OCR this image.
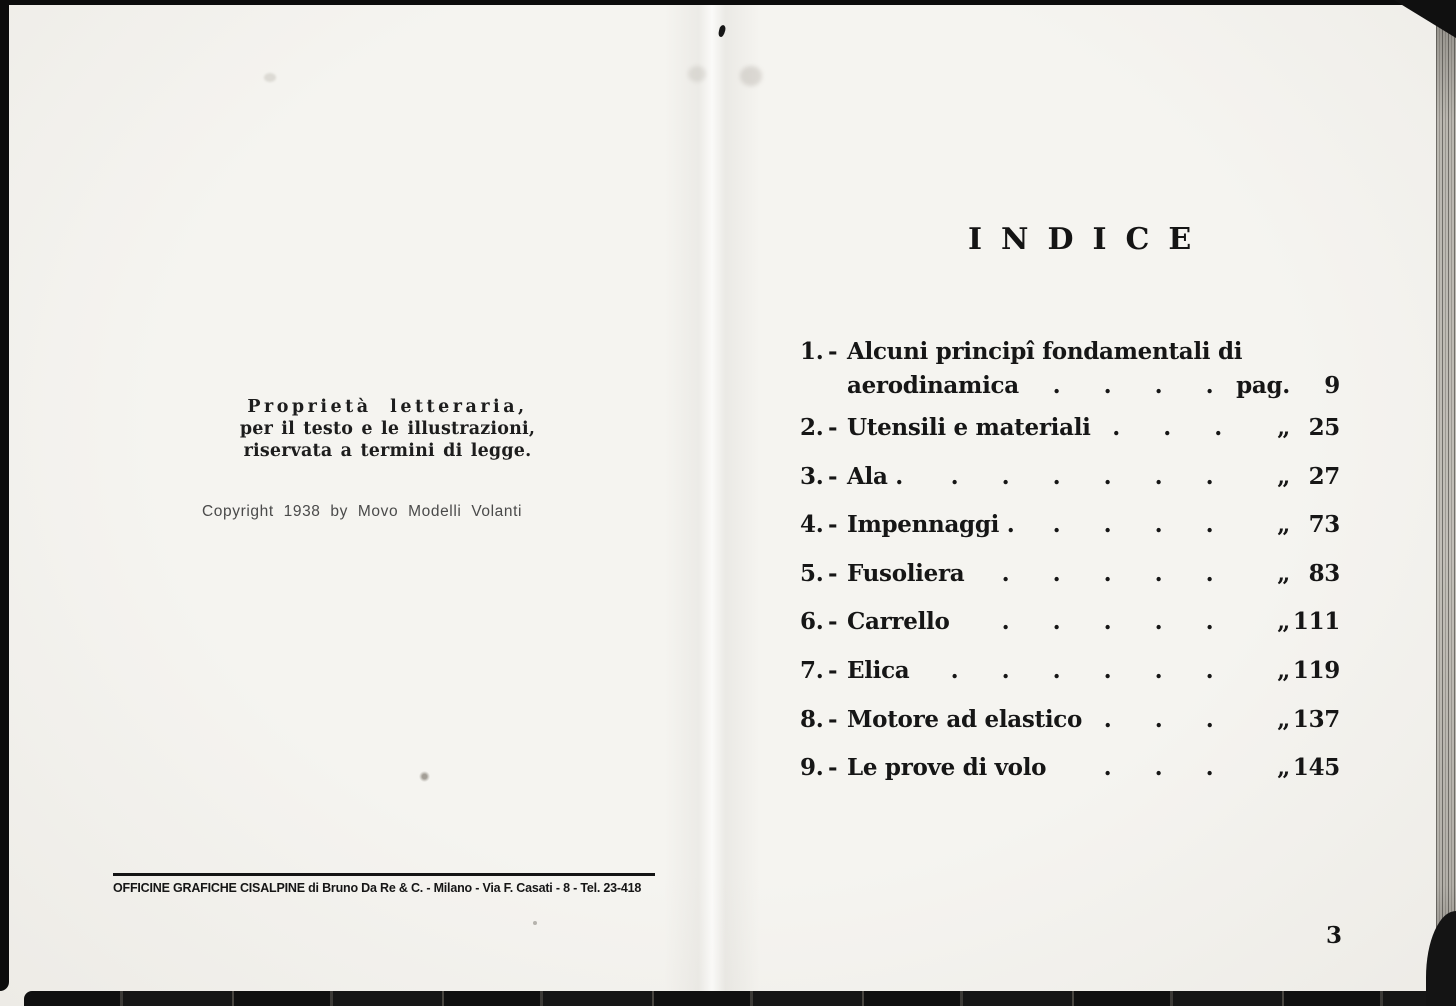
Proprietà letteraria,
per il testo e le illustrazioni,
riservata a termini di legge.
Copyright 1938 by Movo Modelli Volanti
OFFICINE GRAFICHE CISALPINE di Bruno Da Re & C. - Milano - Via F. Casati - 8 - Tel. 23-418
INDICE
1. - Alcuni principî fondamentali di
aerodinamica	. . . . pag.	9
2. - Utensili e materiali . . .	„ 25
3. - Ala .	. . . . . .	„ 27
4. - Impennaggi .	. . . .	„ 73
5. - Fusoliera	. . . . .	„ 83
6. - Carrello	. . . . .	„ 111
7. - Elica	. . . . . .	„ 119
8. - Motore ad elastico . . .	„ 137
9. - Le prove di volo	. . .	„ 145
3
